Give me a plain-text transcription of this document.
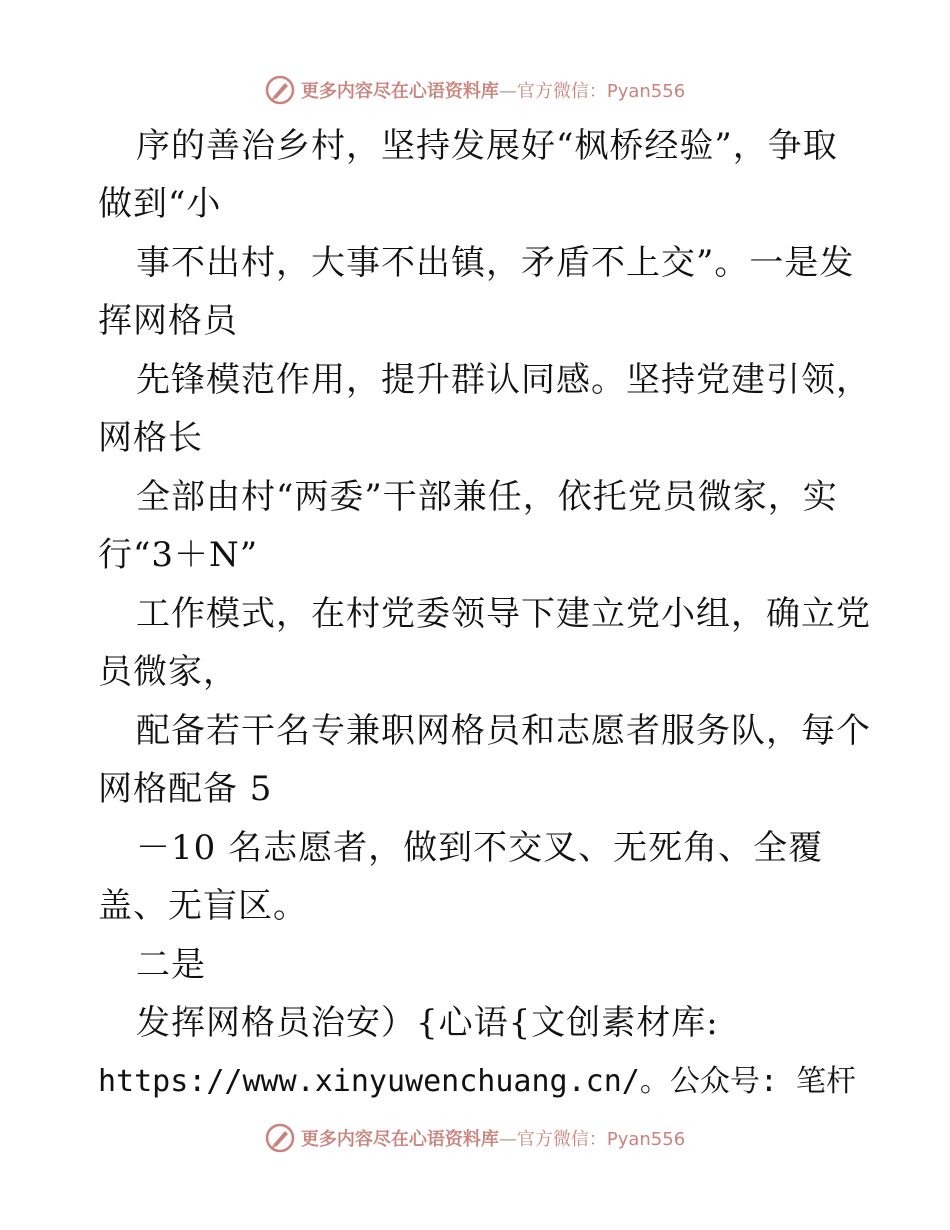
更多内容尽在心语资料库—官方微信：Pyan556
序的善治乡村，坚持发展好“枫桥经验”，争取
做到“小
事不出村，大事不出镇，矛盾不上交”。一是发
挥网格员
先锋模范作用，提升群认同感。坚持党建引领，
网格长
全部由村“两委”干部兼任，依托党员微家，实
行“3＋N”
工作模式，在村党委领导下建立党小组，确立党
员微家，
配备若干名专兼职网格员和志愿者服务队，每个
网格配备 5
－10 名志愿者，做到不交叉、无死角、全覆
盖、无盲区。
二是
发挥网格员治安）{心语{文创素材库:
https://www.xinyuwenchuang.cn/。公众号: 笔杆
更多内容尽在心语资料库—官方微信：Pyan556
